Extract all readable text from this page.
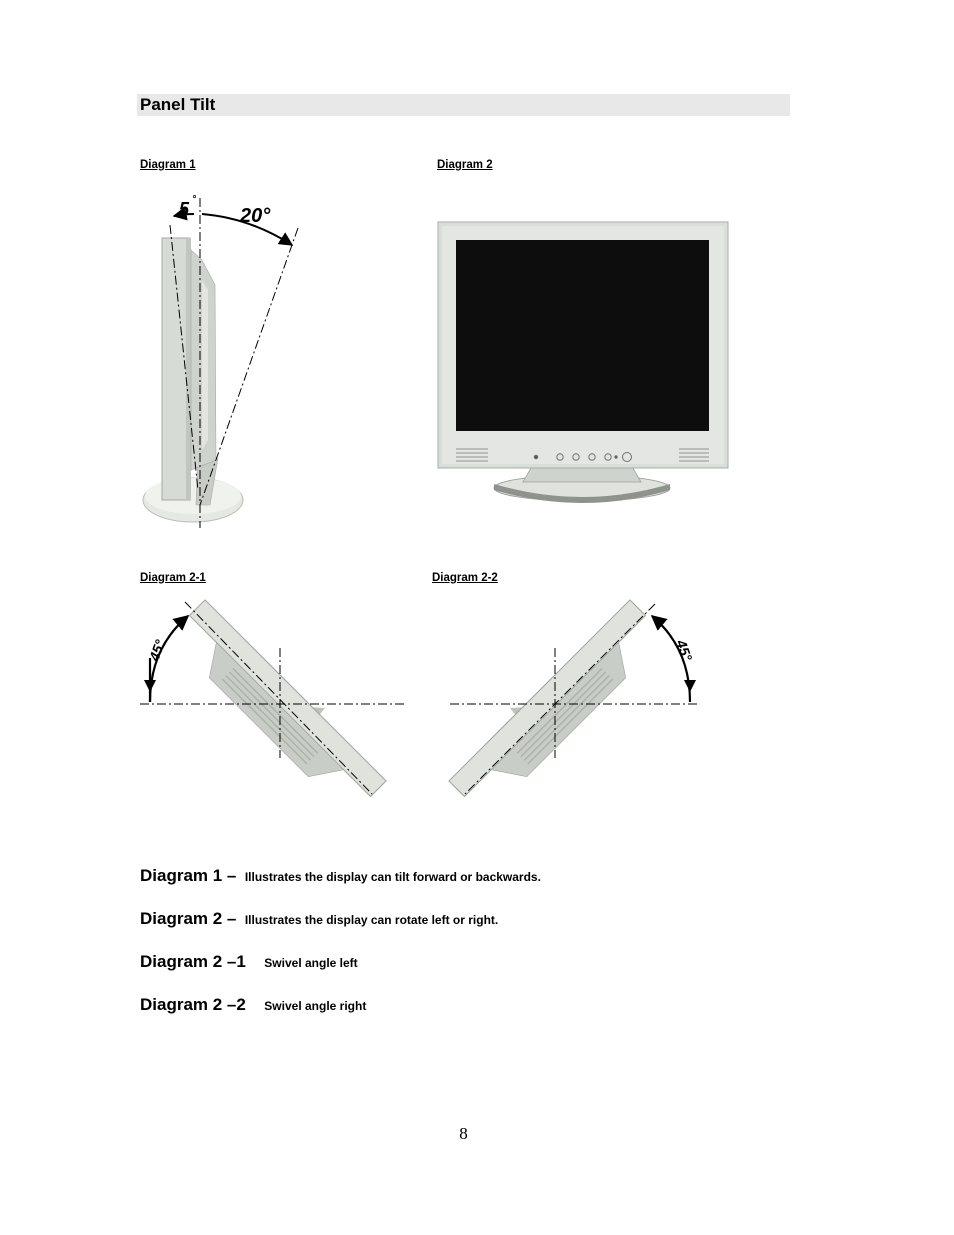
Panel Tilt
Diagram 1	Diagram 2
Diagram 2-1	Diagram 2-2
5 °
20°
45°	45°
Diagram 1 – Illustrates the display can tilt forward or backwards.
Diagram 2 – Illustrates the display can rotate left or right.
Diagram 2 –1 Swivel angle left
Diagram 2 –2 Swivel angle right
8
